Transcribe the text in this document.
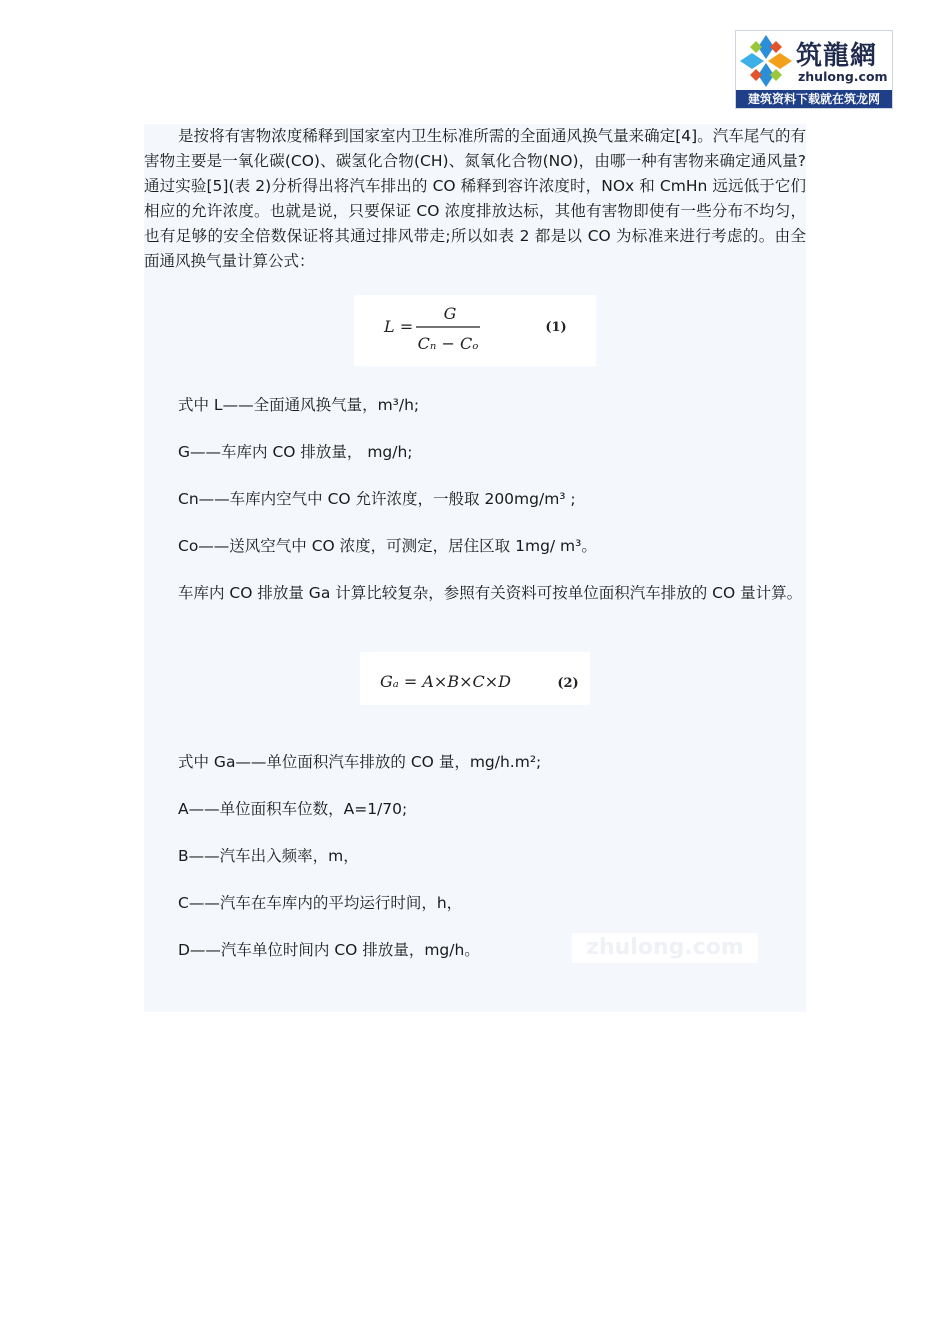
筑龍網
zhulong.com
建筑资料下载就在筑龙网
zhulong.com

是按将有害物浓度稀释到国家室内卫生标准所需的全面通风换气量来确定[4]。汽车尾气的有害物主要是一氧化碳(CO)、碳氢化合物(CH)、氮氧化合物(NO)，由哪一种有害物来确定通风量?通过实验[5](表 2)分析得出将汽车排出的 CO 稀释到容许浓度时，NOx 和 CmHn 远远低于它们相应的允许浓度。也就是说，只要保证 CO 浓度排放达标，其他有害物即使有一些分布不均匀，也有足够的安全倍数保证将其通过排风带走;所以如表 2 都是以 CO 为标准来进行考虑的。由全面通风换气量计算公式：

L =
G
Cₙ − Cₒ
(1)
式中 L——全面通风换气量，m³/h;
G——车库内 CO 排放量， mg/h;
Cn——车库内空气中 CO 允许浓度，一般取 200mg/m³ ;
Co——送风空气中 CO 浓度，可测定，居住区取 1mg/ m³。

车库内 CO 排放量 Ga 计算比较复杂，参照有关资料可按单位面积汽车排放的 CO 量计算。

Gₐ = A×B×C×D	(2)
式中 Ga——单位面积汽车排放的 CO 量，mg/h.m²;
A——单位面积车位数，A=1/70;
B——汽车出入频率，m，
C——汽车在车库内的平均运行时间，h，
D——汽车单位时间内 CO 排放量，mg/h。
